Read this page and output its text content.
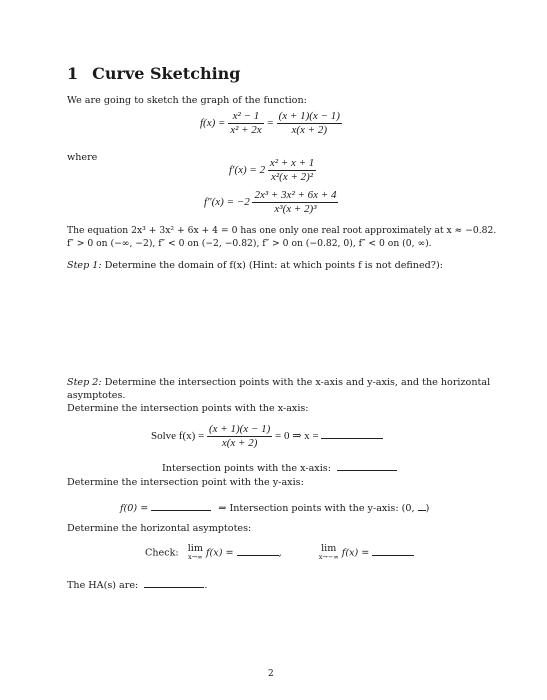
1 Curve Sketching
We are going to sketch the graph of the function:
$f(x) = \frac{\text{x² − 1}}{\text{x² + 2x}} = \frac{(x + 1)(x - 1)}{x(x + 2)}$
where
$f'(x) = 2 \frac{\text{x² + x + 1}}{\text{x²(x + 2)²}}$
$f''(x) = -2 \frac{\text{2x³ + 3x² + 6x + 4}}{\text{x³(x + 2)³}}$
The equation 2x³ + 3x² + 6x + 4 = 0 has one only one real root approximately at x ≈ −0.82.
f″ > 0 on (−∞, −2), f″ < 0 on (−2, −0.82), f″ > 0 on (−0.82, 0), f″ < 0 on (0, ∞).
Step 1: Determine the domain of f(x) (Hint: at which points f is not defined?):
Step 2: Determine the intersection points with the x-axis and y-axis, and the horizontal
asymptotes.
Determine the intersection points with the x-axis:
Solve $f(x) = \frac{(x + 1)(x - 1)}{x(x + 2)} = 0$ ⇒ x =
Intersection points with the x-axis:
Determine the intersection point with the y-axis:
f(0) =	⇒ Intersection points with the y-axis: (0, )
Determine the horizontal asymptotes:
Check: lim
x→∞ f(x) =	,	lim
x→−∞ f(x) =
The HA(s) are:	.
2
